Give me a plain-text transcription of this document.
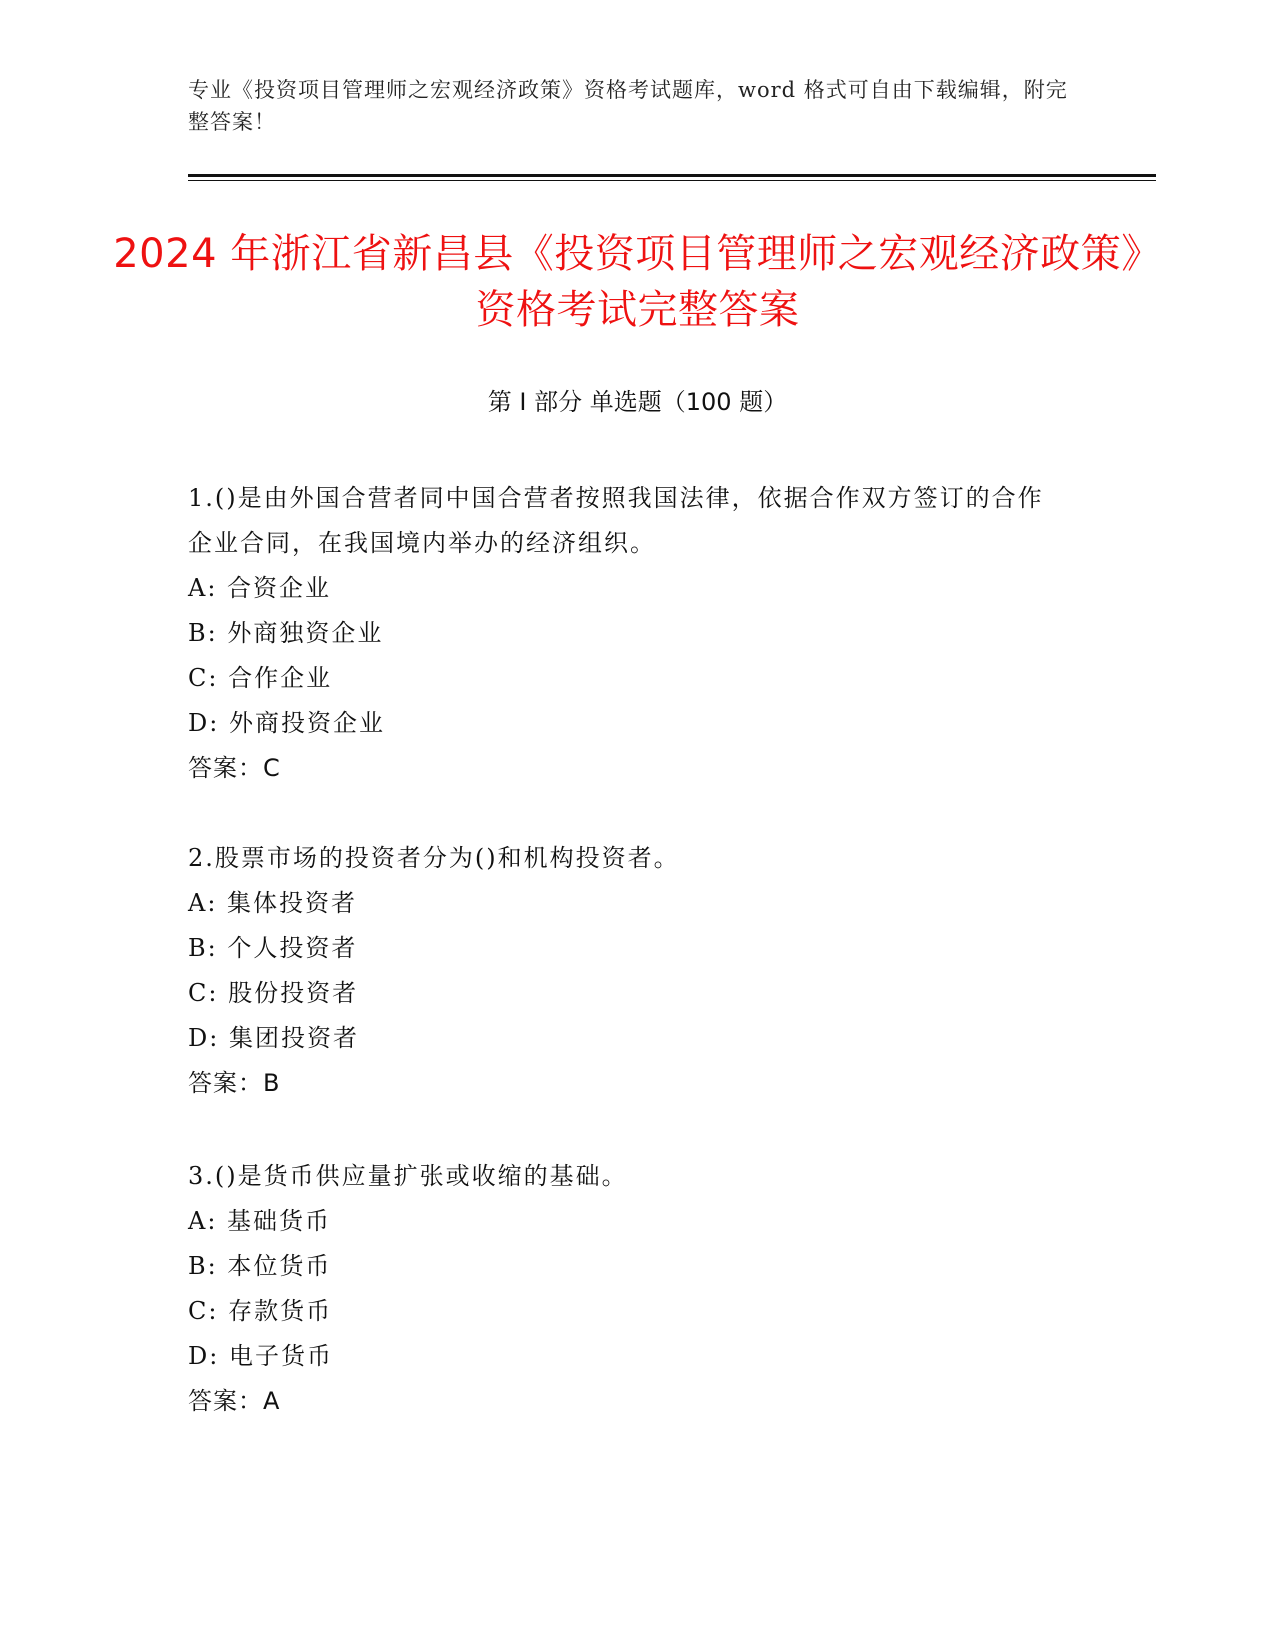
专业《投资项目管理师之宏观经济政策》资格考试题库，word 格式可自由下载编辑，附完整答案！
2024 年浙江省新昌县《投资项目管理师之宏观经济政策》资格考试完整答案
第 I 部分 单选题（100 题）
1.()是由外国合营者同中国合营者按照我国法律，依据合作双方签订的合作企业合同，在我国境内举办的经济组织。
A: 合资企业
B: 外商独资企业
C: 合作企业
D: 外商投资企业
答案：C
2.股票市场的投资者分为()和机构投资者。
A: 集体投资者
B: 个人投资者
C: 股份投资者
D: 集团投资者
答案：B
3.()是货币供应量扩张或收缩的基础。
A: 基础货币
B: 本位货币
C: 存款货币
D: 电子货币
答案：A
